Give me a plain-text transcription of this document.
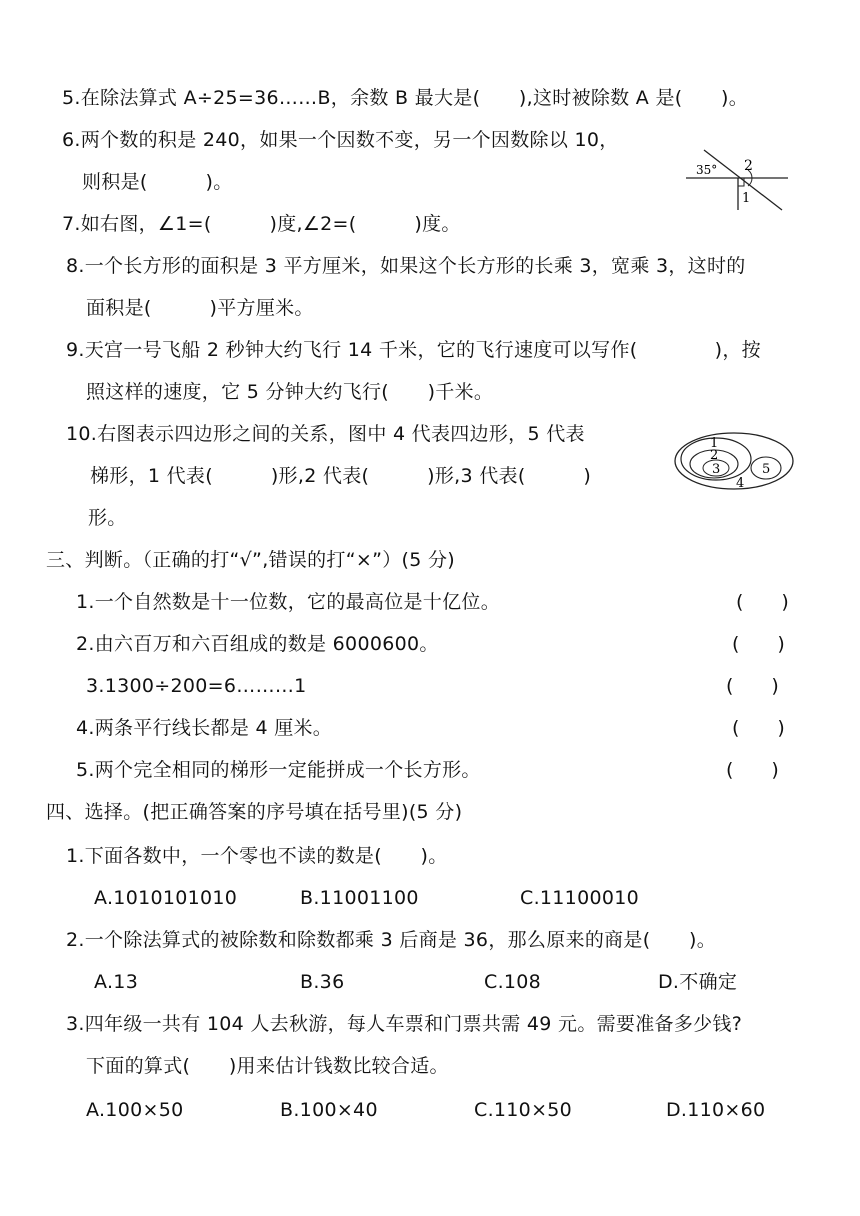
5.在除法算式 A÷25=36……B，余数 B 最大是(　　),这时被除数 A 是(　　)。
6.两个数的积是 240，如果一个因数不变，另一个因数除以 10，
则积是(　　　)。
7.如右图，∠1=(　　　)度,∠2=(　　　)度。
8.一个长方形的面积是 3 平方厘米，如果这个长方形的长乘 3，宽乘 3，这时的
面积是(　　　)平方厘米。
9.天宫一号飞船 2 秒钟大约飞行 14 千米，它的飞行速度可以写作(　　　　)，按
照这样的速度，它 5 分钟大约飞行(　　)千米。
10.右图表示四边形之间的关系，图中 4 代表四边形，5 代表
梯形，1 代表(　　　)形,2 代表(　　　)形,3 代表(　　　)
形。
35° 2
1
1
2
3
4
5
三、判断。（正确的打“√”,错误的打“×”）(5 分)
1.一个自然数是十一位数，它的最高位是十亿位。	(　　)
2.由六百万和六百组成的数是 6000600。	(　　)
3.1300÷200=6………1	(　　)
4.两条平行线长都是 4 厘米。	(　　)
5.两个完全相同的梯形一定能拼成一个长方形。	(　　)
四、选择。(把正确答案的序号填在括号里)(5 分)
1.下面各数中，一个零也不读的数是(　　)。
A.1010101010	B.11001100	C.11100010
2.一个除法算式的被除数和除数都乘 3 后商是 36，那么原来的商是(　　)。
A.13	B.36	C.108	D.不确定
3.四年级一共有 104 人去秋游，每人车票和门票共需 49 元。需要准备多少钱?
下面的算式(　　)用来估计钱数比较合适。
A.100×50	B.100×40	C.110×50	D.110×60
